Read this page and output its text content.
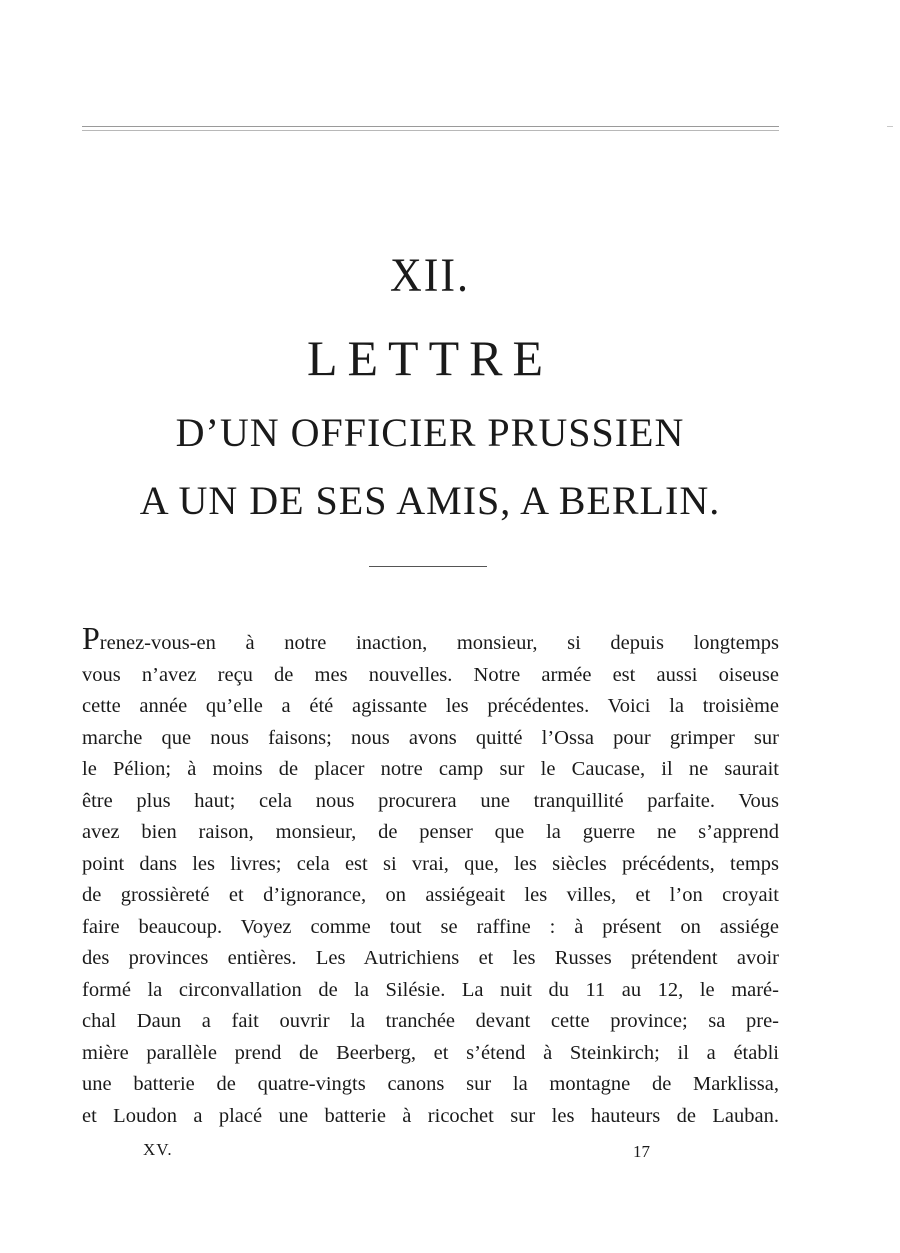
XII.
LETTRE
D’UN OFFICIER PRUSSIEN
A UN DE SES AMIS, A BERLIN.
Prenez-vous-en à notre inaction, monsieur, si depuis longtemps
vous n’avez reçu de mes nouvelles. Notre armée est aussi oiseuse
cette année qu’elle a été agissante les précédentes. Voici la troisième
marche que nous faisons; nous avons quitté l’Ossa pour grimper sur
le Pélion; à moins de placer notre camp sur le Caucase, il ne saurait
être plus haut; cela nous procurera une tranquillité parfaite. Vous
avez bien raison, monsieur, de penser que la guerre ne s’apprend
point dans les livres; cela est si vrai, que, les siècles précédents, temps
de grossièreté et d’ignorance, on assiégeait les villes, et l’on croyait
faire beaucoup. Voyez comme tout se raffine : à présent on assiége
des provinces entières. Les Autrichiens et les Russes prétendent avoir
formé la circonvallation de la Silésie. La nuit du 11 au 12, le maré-
chal Daun a fait ouvrir la tranchée devant cette province; sa pre-
mière parallèle prend de Beerberg, et s’étend à Steinkirch; il a établi
une batterie de quatre-vingts canons sur la montagne de Marklissa,
et Loudon a placé une batterie à ricochet sur les hauteurs de Lauban.
XV.	17
